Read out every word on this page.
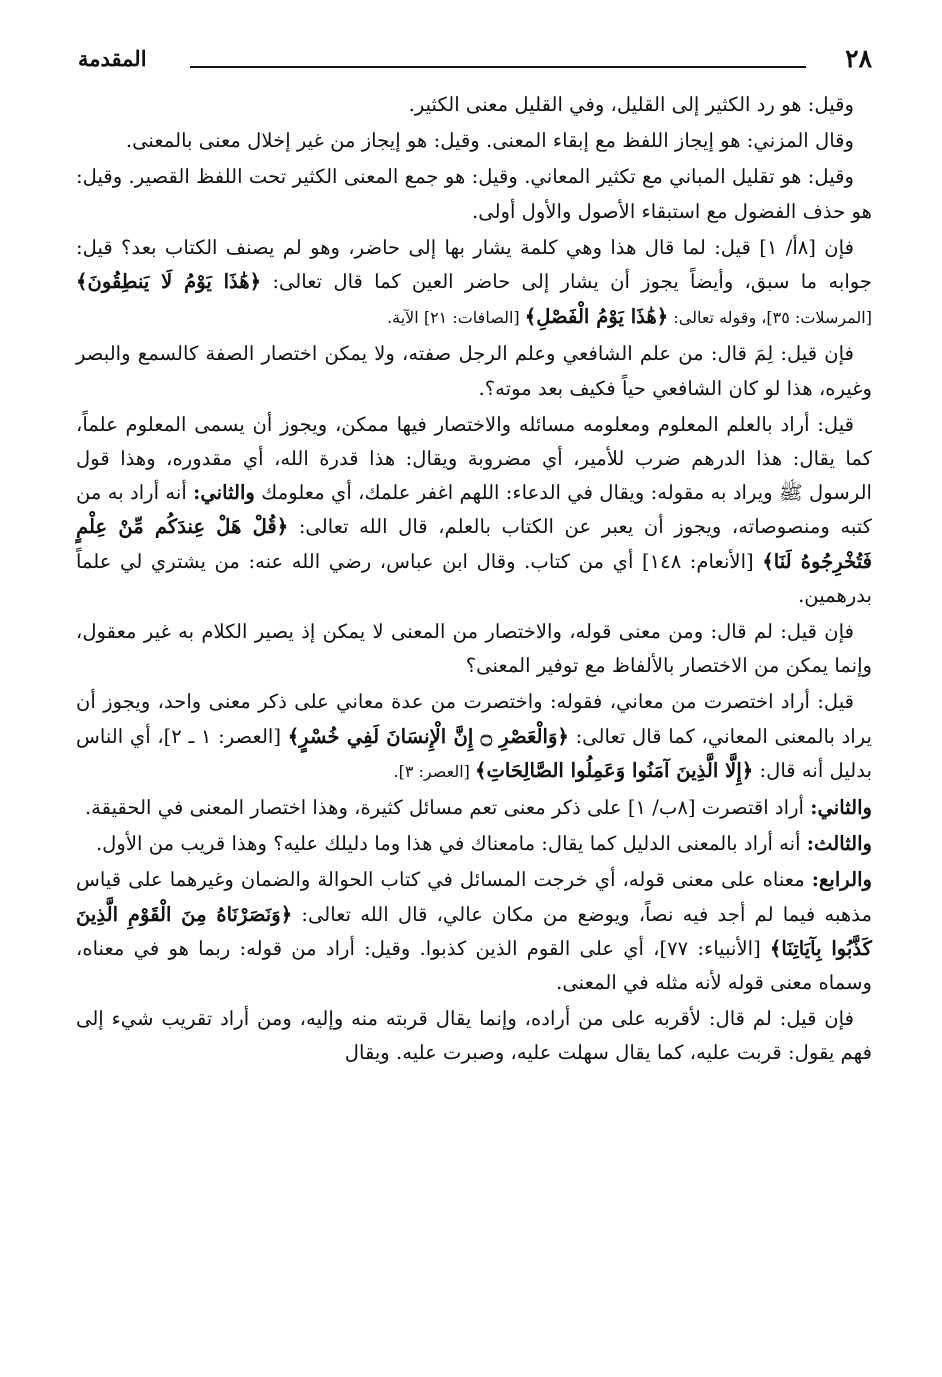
٢٨
المقدمة

وقيل: هو رد الكثير إلى القليل، وفي القليل معنى الكثير.

وقال المزني: هو إيجاز اللفظ مع إبقاء المعنى. وقيل: هو إيجاز من غير إخلال معنى بالمعنى.

وقيل: هو تقليل المباني مع تكثير المعاني. وقيل: هو جمع المعنى الكثير تحت اللفظ القصير. وقيل: هو حذف الفضول مع استبقاء الأصول والأول أولى.

فإن [٨أ/ ١] قيل: لما قال هذا وهي كلمة يشار بها إلى حاضر، وهو لم يصنف الكتاب بعد؟ قيل: جوابه ما سبق، وأيضاً يجوز أن يشار إلى حاضر العين كما قال تعالى: ﴿هَٰذَا يَوْمُ لَا يَنطِقُونَ﴾ [المرسلات: ٣٥]، وقوله تعالى: ﴿هَٰذَا يَوْمُ الْفَصْلِ﴾ [الصافات: ٢١] الآية.

فإن قيل: لِمَ قال: من علم الشافعي وعلم الرجل صفته، ولا يمكن اختصار الصفة كالسمع والبصر وغيره، هذا لو كان الشافعي حياً فكيف بعد موته؟.

قيل: أراد بالعلم المعلوم ومعلومه مسائله والاختصار فيها ممكن، ويجوز أن يسمى المعلوم علماً، كما يقال: هذا الدرهم ضرب للأمير، أي مضروبة ويقال: هذا قدرة الله، أي مقدوره، وهذا قول الرسول ﷺ ويراد به مقوله: ويقال في الدعاء: اللهم اغفر علمك، أي معلومك والثاني: أنه أراد به من كتبه ومنصوصاته، ويجوز أن يعبر عن الكتاب بالعلم، قال الله تعالى: ﴿قُلْ هَلْ عِندَكُم مِّنْ عِلْمٍ فَتُخْرِجُوهُ لَنَا﴾ [الأنعام: ١٤٨] أي من كتاب. وقال ابن عباس، رضي الله عنه: من يشتري لي علماً بدرهمين.

فإن قيل: لم قال: ومن معنى قوله، والاختصار من المعنى لا يمكن إذ يصير الكلام به غير معقول، وإنما يمكن من الاختصار بالألفاظ مع توفير المعنى؟

قيل: أراد اختصرت من معاني، فقوله: واختصرت من عدة معاني على ذكر معنى واحد، ويجوز أن يراد بالمعنى المعاني، كما قال تعالى: ﴿وَالْعَصْرِ ۝ إِنَّ الْإِنسَانَ لَفِي خُسْرٍ﴾ [العصر: ١ ـ ٢]، أي الناس بدليل أنه قال: ﴿إِلَّا الَّذِينَ آمَنُوا وَعَمِلُوا الصَّالِحَاتِ﴾ [العصر: ٣].

والثاني: أراد اقتصرت [٨ب/ ١] على ذكر معنى تعم مسائل كثيرة، وهذا اختصار المعنى في الحقيقة.

والثالث: أنه أراد بالمعنى الدليل كما يقال: مامعناك في هذا وما دليلك عليه؟ وهذا قريب من الأول.

والرابع: معناه على معنى قوله، أي خرجت المسائل في كتاب الحوالة والضمان وغيرهما على قياس مذهبه فيما لم أجد فيه نصاً، ويوضع من مكان عالي، قال الله تعالى: ﴿وَنَصَرْنَاهُ مِنَ الْقَوْمِ الَّذِينَ كَذَّبُوا بِآيَاتِنَا﴾ [الأنبياء: ٧٧]، أي على القوم الذين كذبوا. وقيل: أراد من قوله: ربما هو في معناه، وسماه معنى قوله لأنه مثله في المعنى.

فإن قيل: لم قال: لأقربه على من أراده، وإنما يقال قربته منه وإليه، ومن أراد تقريب شيء إلى فهم يقول: قربت عليه، كما يقال سهلت عليه، وصبرت عليه. ويقال
